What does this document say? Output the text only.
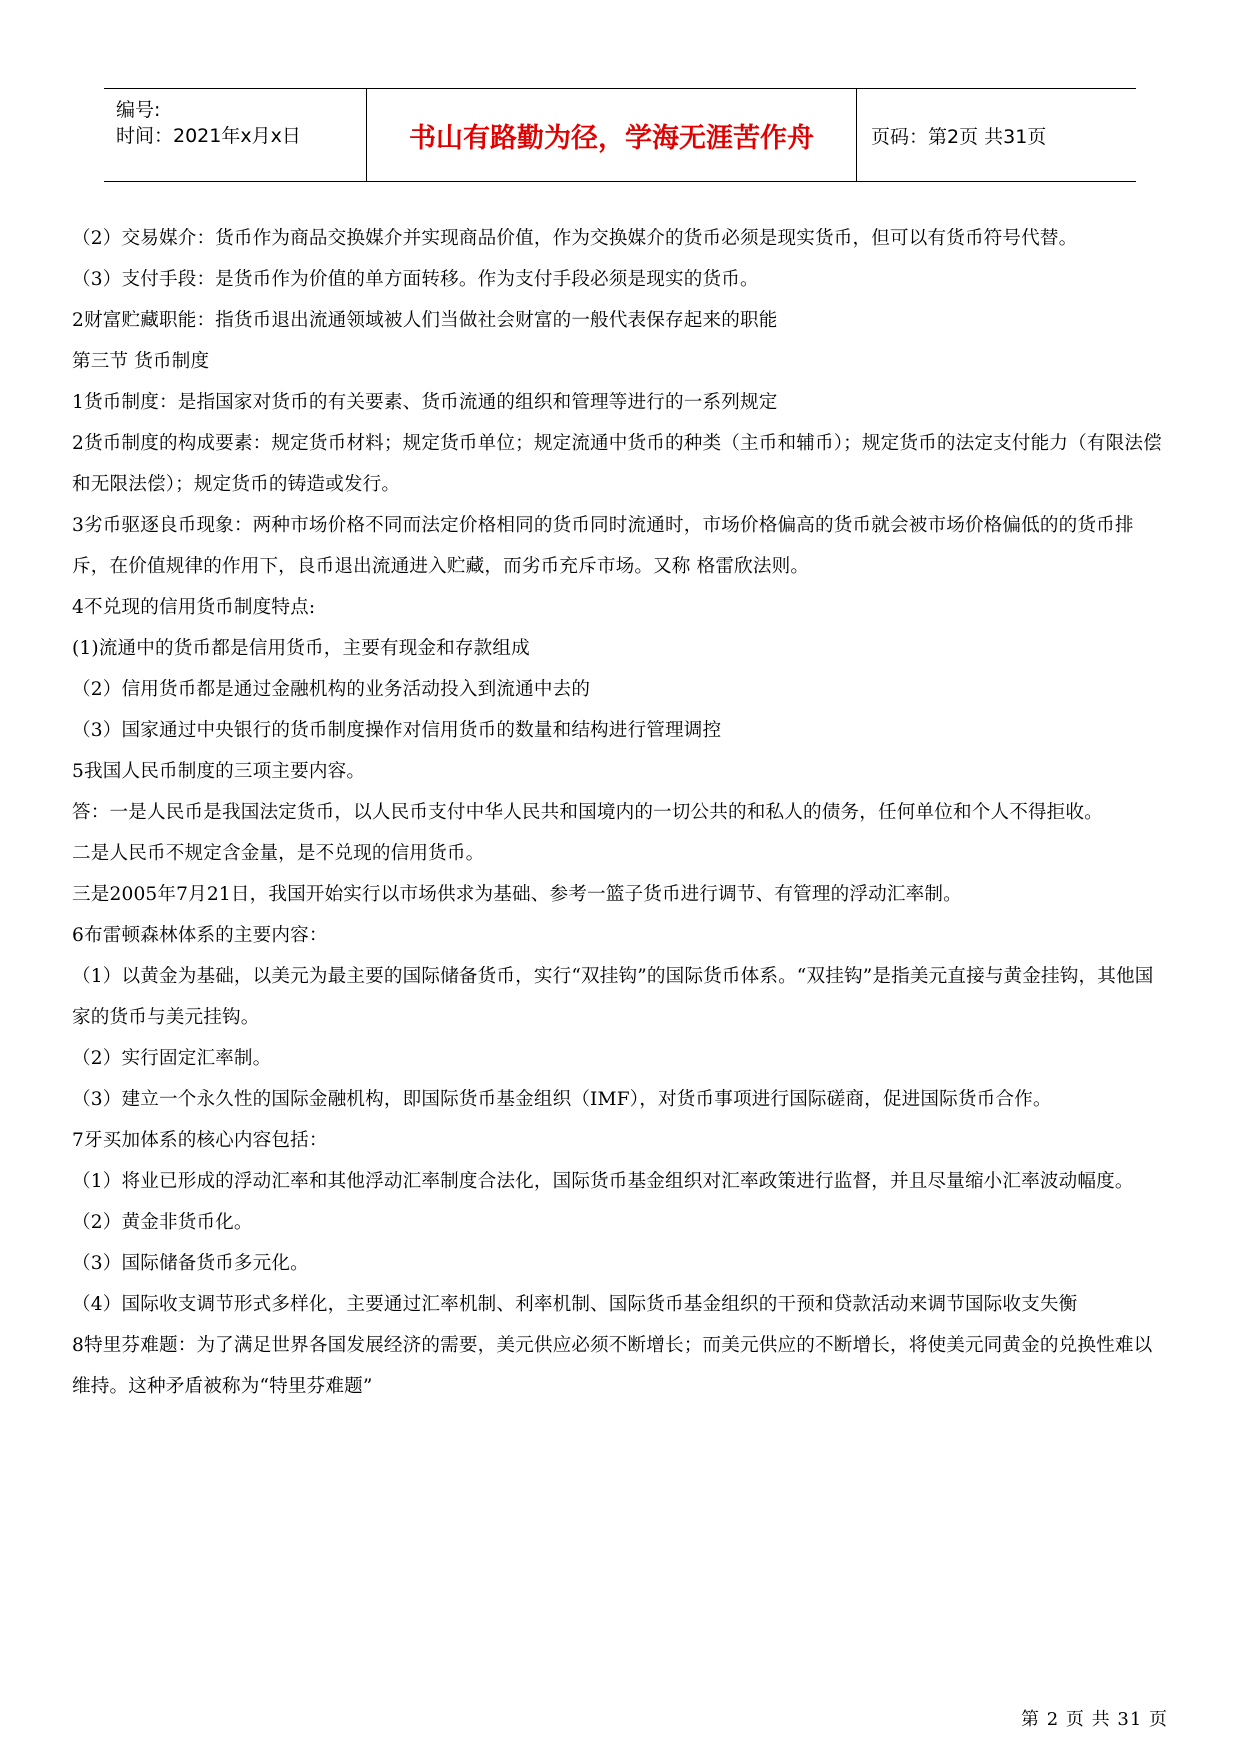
编号:
时间：2021年x月x日	书山有路勤为径，学海无涯苦作舟	页码：第2页 共31页

（2）交易媒介：货币作为商品交换媒介并实现商品价值，作为交换媒介的货币必须是现实货币，但可以有货币符号代替。

（3）支付手段：是货币作为价值的单方面转移。作为支付手段必须是现实的货币。

2财富贮藏职能：指货币退出流通领域被人们当做社会财富的一般代表保存起来的职能

第三节 货币制度

1货币制度：是指国家对货币的有关要素、货币流通的组织和管理等进行的一系列规定

2货币制度的构成要素：规定货币材料；规定货币单位；规定流通中货币的种类（主币和辅币）；规定货币的法定支付能力（有限法偿和无限法偿）；规定货币的铸造或发行。

3劣币驱逐良币现象：两种市场价格不同而法定价格相同的货币同时流通时，市场价格偏高的货币就会被市场价格偏低的的货币排斥，在价值规律的作用下，良币退出流通进入贮藏，而劣币充斥市场。又称 格雷欣法则。

4不兑现的信用货币制度特点:

(1)流通中的货币都是信用货币，主要有现金和存款组成

（2）信用货币都是通过金融机构的业务活动投入到流通中去的

（3）国家通过中央银行的货币制度操作对信用货币的数量和结构进行管理调控

5我国人民币制度的三项主要内容。

答：一是人民币是我国法定货币，以人民币支付中华人民共和国境内的一切公共的和私人的债务，任何单位和个人不得拒收。

二是人民币不规定含金量，是不兑现的信用货币。

三是2005年7月21日，我国开始实行以市场供求为基础、参考一篮子货币进行调节、有管理的浮动汇率制。

6布雷顿森林体系的主要内容：

（1）以黄金为基础，以美元为最主要的国际储备货币，实行“双挂钩”的国际货币体系。“双挂钩”是指美元直接与黄金挂钩，其他国家的货币与美元挂钩。

（2）实行固定汇率制。

（3）建立一个永久性的国际金融机构，即国际货币基金组织（IMF），对货币事项进行国际磋商，促进国际货币合作。

7牙买加体系的核心内容包括：

（1）将业已形成的浮动汇率和其他浮动汇率制度合法化，国际货币基金组织对汇率政策进行监督，并且尽量缩小汇率波动幅度。

（2）黄金非货币化。

（3）国际储备货币多元化。

（4）国际收支调节形式多样化，主要通过汇率机制、利率机制、国际货币基金组织的干预和贷款活动来调节国际收支失衡

8特里芬难题：为了满足世界各国发展经济的需要，美元供应必须不断增长；而美元供应的不断增长，将使美元同黄金的兑换性难以维持。这种矛盾被称为“特里芬难题”

第 2 页 共 31 页
